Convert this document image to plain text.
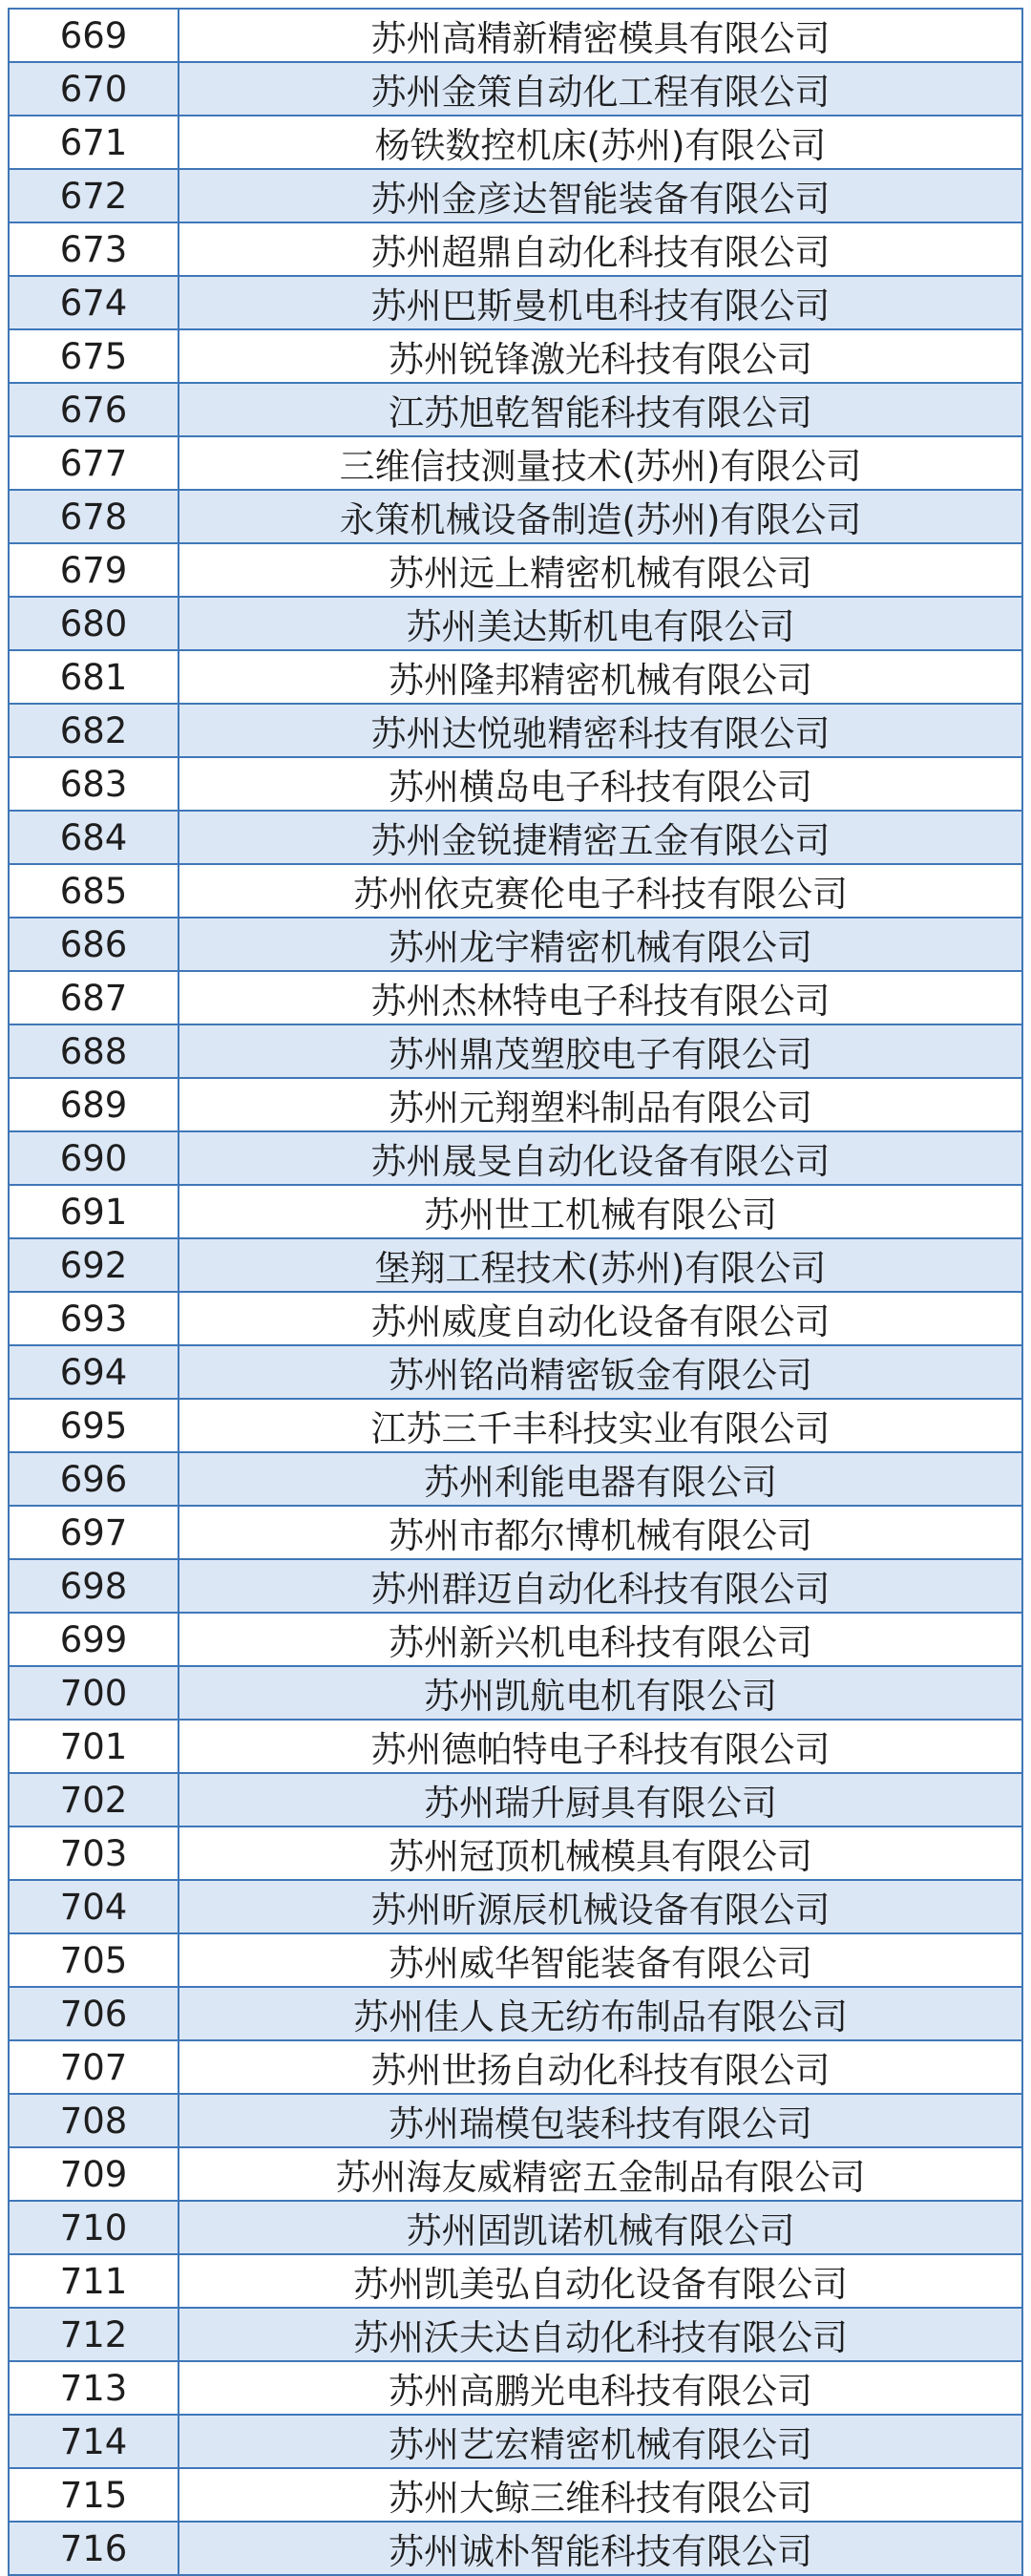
669	苏州高精新精密模具有限公司
670	苏州金策自动化工程有限公司
671	杨铁数控机床(苏州)有限公司
672	苏州金彦达智能装备有限公司
673	苏州超鼎自动化科技有限公司
674	苏州巴斯曼机电科技有限公司
675	苏州锐锋激光科技有限公司
676	江苏旭乾智能科技有限公司
677	三维信技测量技术(苏州)有限公司
678	永策机械设备制造(苏州)有限公司
679	苏州远上精密机械有限公司
680	苏州美达斯机电有限公司
681	苏州隆邦精密机械有限公司
682	苏州达悦驰精密科技有限公司
683	苏州横岛电子科技有限公司
684	苏州金锐捷精密五金有限公司
685	苏州依克赛伦电子科技有限公司
686	苏州龙宇精密机械有限公司
687	苏州杰林特电子科技有限公司
688	苏州鼎茂塑胶电子有限公司
689	苏州元翔塑料制品有限公司
690	苏州晟旻自动化设备有限公司
691	苏州世工机械有限公司
692	堡翔工程技术(苏州)有限公司
693	苏州威度自动化设备有限公司
694	苏州铭尚精密钣金有限公司
695	江苏三千丰科技实业有限公司
696	苏州利能电器有限公司
697	苏州市都尔博机械有限公司
698	苏州群迈自动化科技有限公司
699	苏州新兴机电科技有限公司
700	苏州凯航电机有限公司
701	苏州德帕特电子科技有限公司
702	苏州瑞升厨具有限公司
703	苏州冠顶机械模具有限公司
704	苏州昕源辰机械设备有限公司
705	苏州威华智能装备有限公司
706	苏州佳人良无纺布制品有限公司
707	苏州世扬自动化科技有限公司
708	苏州瑞模包装科技有限公司
709	苏州海友威精密五金制品有限公司
710	苏州固凯诺机械有限公司
711	苏州凯美弘自动化设备有限公司
712	苏州沃夫达自动化科技有限公司
713	苏州高鹏光电科技有限公司
714	苏州艺宏精密机械有限公司
715	苏州大鲸三维科技有限公司
716	苏州诚朴智能科技有限公司
